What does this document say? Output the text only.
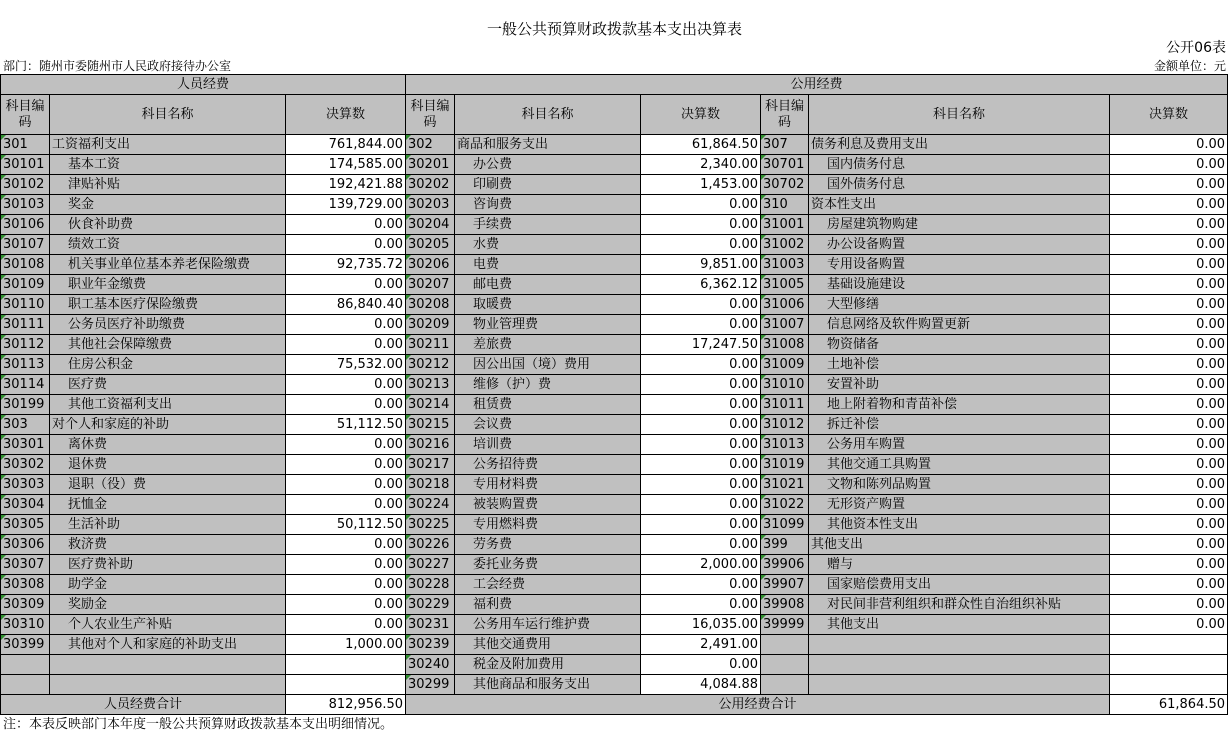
一般公共预算财政拨款基本支出决算表
公开06表
部门：随州市委随州市人民政府接待办公室	金额单位：元
人员经费			公用经费					
科目编码	科目名称	决算数	科目编码	科目名称	决算数	科目编码	科目名称	决算数
301	工资福利支出	761,844.00	302	商品和服务支出	61,864.50	307	债务利息及费用支出	0.00
30101	基本工资	174,585.00	30201	办公费	2,340.00	30701	国内债务付息	0.00
30102	津贴补贴	192,421.88	30202	印刷费	1,453.00	30702	国外债务付息	0.00
30103	奖金	139,729.00	30203	咨询费	0.00	310	资本性支出	0.00
30106	伙食补助费	0.00	30204	手续费	0.00	31001	房屋建筑物购建	0.00
30107	绩效工资	0.00	30205	水费	0.00	31002	办公设备购置	0.00
30108	机关事业单位基本养老保险缴费	92,735.72	30206	电费	9,851.00	31003	专用设备购置	0.00
30109	职业年金缴费	0.00	30207	邮电费	6,362.12	31005	基础设施建设	0.00
30110	职工基本医疗保险缴费	86,840.40	30208	取暖费	0.00	31006	大型修缮	0.00
30111	公务员医疗补助缴费	0.00	30209	物业管理费	0.00	31007	信息网络及软件购置更新	0.00
30112	其他社会保障缴费	0.00	30211	差旅费	17,247.50	31008	物资储备	0.00
30113	住房公积金	75,532.00	30212	因公出国（境）费用	0.00	31009	土地补偿	0.00
30114	医疗费	0.00	30213	维修（护）费	0.00	31010	安置补助	0.00
30199	其他工资福利支出	0.00	30214	租赁费	0.00	31011	地上附着物和青苗补偿	0.00
303	对个人和家庭的补助	51,112.50	30215	会议费	0.00	31012	拆迁补偿	0.00
30301	离休费	0.00	30216	培训费	0.00	31013	公务用车购置	0.00
30302	退休费	0.00	30217	公务招待费	0.00	31019	其他交通工具购置	0.00
30303	退职（役）费	0.00	30218	专用材料费	0.00	31021	文物和陈列品购置	0.00
30304	抚恤金	0.00	30224	被装购置费	0.00	31022	无形资产购置	0.00
30305	生活补助	50,112.50	30225	专用燃料费	0.00	31099	其他资本性支出	0.00
30306	救济费	0.00	30226	劳务费	0.00	399	其他支出	0.00
30307	医疗费补助	0.00	30227	委托业务费	2,000.00	39906	赠与	0.00
30308	助学金	0.00	30228	工会经费	0.00	39907	国家赔偿费用支出	0.00
30309	奖励金	0.00	30229	福利费	0.00	39908	对民间非营利组织和群众性自治组织补贴	0.00
30310	个人农业生产补贴	0.00	30231	公务用车运行维护费	16,035.00	39999	其他支出	0.00
30399	其他对个人和家庭的补助支出	1,000.00	30239	其他交通费用	2,491.00			
			30240	税金及附加费用	0.00			
			30299	其他商品和服务支出	4,084.88			
人员经费合计		812,956.50	公用经费合计					61,864.50
注：本表反映部门本年度一般公共预算财政拨款基本支出明细情况。
